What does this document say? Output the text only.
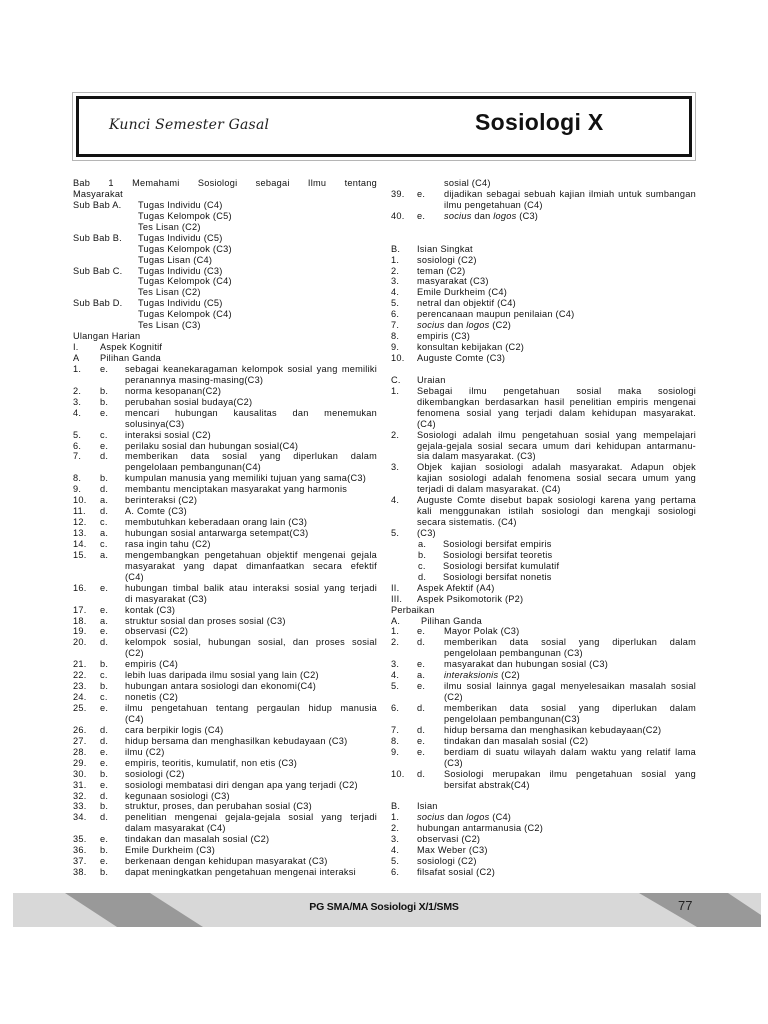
Kunci Semester Gasal	Sosiologi X
Bab 1 Memahami Sosiologi sebagai Ilmu tentang
Masyarakat
Sub Bab A. Tugas Individu (C4)
Tugas Kelompok (C5)
Tes Lisan (C2)
Sub Bab B. Tugas Individu (C5)
Tugas Kelompok (C3)
Tugas Lisan (C4)
Sub Bab C. Tugas Individu (C3)
Tugas Kelompok (C4)
Tes Lisan (C2)
Sub Bab D. Tugas Individu (C5)
Tugas Kelompok (C4)
Tes Lisan (C3)
Ulangan Harian
I. Aspek Kognitif
A Pilihan Ganda
1. e. sebagai keanekaragaman kelompok sosial yang memiliki
peranannya masing-masing(C3)
2. b. norma kesopanan(C2)
3. b. perubahan sosial budaya(C2)
4. e. mencari hubungan kausalitas dan menemukan
solusinya(C3)
5. c. interaksi sosial (C2)
6. e. perilaku sosial dan hubungan sosial(C4)
7. d. memberikan data sosial yang diperlukan dalam
pengelolaan pembangunan(C4)
8. b. kumpulan manusia yang memiliki tujuan yang sama(C3)
9. d. membantu menciptakan masyarakat yang harmonis
10. a. berinteraksi (C2)
11. d. A. Comte (C3)
12. c. membutuhkan keberadaan orang lain (C3)
13. a. hubungan sosial antarwarga setempat(C3)
14. c. rasa ingin tahu (C2)
15. a. mengembangkan pengetahuan objektif mengenai gejala
masyarakat yang dapat dimanfaatkan secara efektif
(C4)
16. e. hubungan timbal balik atau interaksi sosial yang terjadi
di masyarakat (C3)
17. e. kontak (C3)
18. a. struktur sosial dan proses sosial (C3)
19. e. observasi (C2)
20. d. kelompok sosial, hubungan sosial, dan proses sosial
(C2)
21. b. empiris (C4)
22. c. lebih luas daripada ilmu sosial yang lain (C2)
23. b. hubungan antara sosiologi dan ekonomi(C4)
24. c. nonetis (C2)
25. e. ilmu pengetahuan tentang pergaulan hidup manusia
(C4)
26. d. cara berpikir logis (C4)
27. d. hidup bersama dan menghasilkan kebudayaan (C3)
28. e. ilmu (C2)
29. e. empiris, teoritis, kumulatif, non etis (C3)
30. b. sosiologi (C2)
31. e. sosiologi membatasi diri dengan apa yang terjadi (C2)
32. d. kegunaan sosiologi (C3)
33. b. struktur, proses, dan perubahan sosial (C3)
34. d. penelitian mengenai gejala-gejala sosial yang terjadi
dalam masyarakat (C4)
35. e. tindakan dan masalah sosial (C2)
36. b. Emile Durkheim (C3)
37. e. berkenaan dengan kehidupan masyarakat (C3)
38. b. dapat meningkatkan pengetahuan mengenai interaksi
sosial (C4)
39. e. dijadikan sebagai sebuah kajian ilmiah untuk sumbangan
ilmu pengetahuan (C4)
40. e. socius dan logos (C3)
B. Isian Singkat
1. sosiologi (C2)
2. teman (C2)
3. masyarakat (C3)
4. Emile Durkheim (C4)
5. netral dan objektif (C4)
6. perencanaan maupun penilaian (C4)
7. socius dan logos (C2)
8. empiris (C3)
9. konsultan kebijakan (C2)
10. Auguste Comte (C3)
C. Uraian
1. Sebagai ilmu pengetahuan sosial maka sosiologi
dikembangkan berdasarkan hasil penelitian empiris mengenai
fenomena sosial yang terjadi dalam kehidupan masyarakat.
(C4)
2. Sosiologi adalah ilmu pengetahuan sosial yang mempelajari
gejala-gejala sosial secara umum dari kehidupan antarmanu-
sia dalam masyarakat. (C3)
3. Objek kajian sosiologi adalah masyarakat. Adapun objek
kajian sosiologi adalah fenomena sosial secara umum yang
terjadi di dalam masyarakat. (C4)
4. Auguste Comte disebut bapak sosiologi karena yang pertama
kali menggunakan istilah sosiologi dan mengkaji sosiologi
secara sistematis. (C4)
5. (C3)
a. Sosiologi bersifat empiris
b. Sosiologi bersifat teoretis
c. Sosiologi bersifat kumulatif
d. Sosiologi bersifat nonetis
II. Aspek Afektif (A4)
III. Aspek Psikomotorik (P2)
Perbaikan
A. Pilihan Ganda
1. e. Mayor Polak (C3)
2. d. memberikan data sosial yang diperlukan dalam
pengelolaan pembangunan (C3)
3. e. masyarakat dan hubungan sosial (C3)
4. a. interaksionis (C2)
5. e. ilmu sosial lainnya gagal menyelesaikan masalah sosial
(C2)
6. d. memberikan data sosial yang diperlukan dalam
pengelolaan pembangunan(C3)
7. d. hidup bersama dan menghasikan kebudayaan(C2)
8. e. tindakan dan masalah sosial (C2)
9. e. berdiam di suatu wilayah dalam waktu yang relatif lama
(C3)
10. d. Sosiologi merupakan ilmu pengetahuan sosial yang
bersifat abstrak(C4)
B. Isian
1. socius dan logos (C4)
2. hubungan antarmanusia (C2)
3. observasi (C2)
4. Max Weber (C3)
5. sosiologi (C2)
6. filsafat sosial (C2)
PG SMA/MA Sosiologi X/1/SMS	77
